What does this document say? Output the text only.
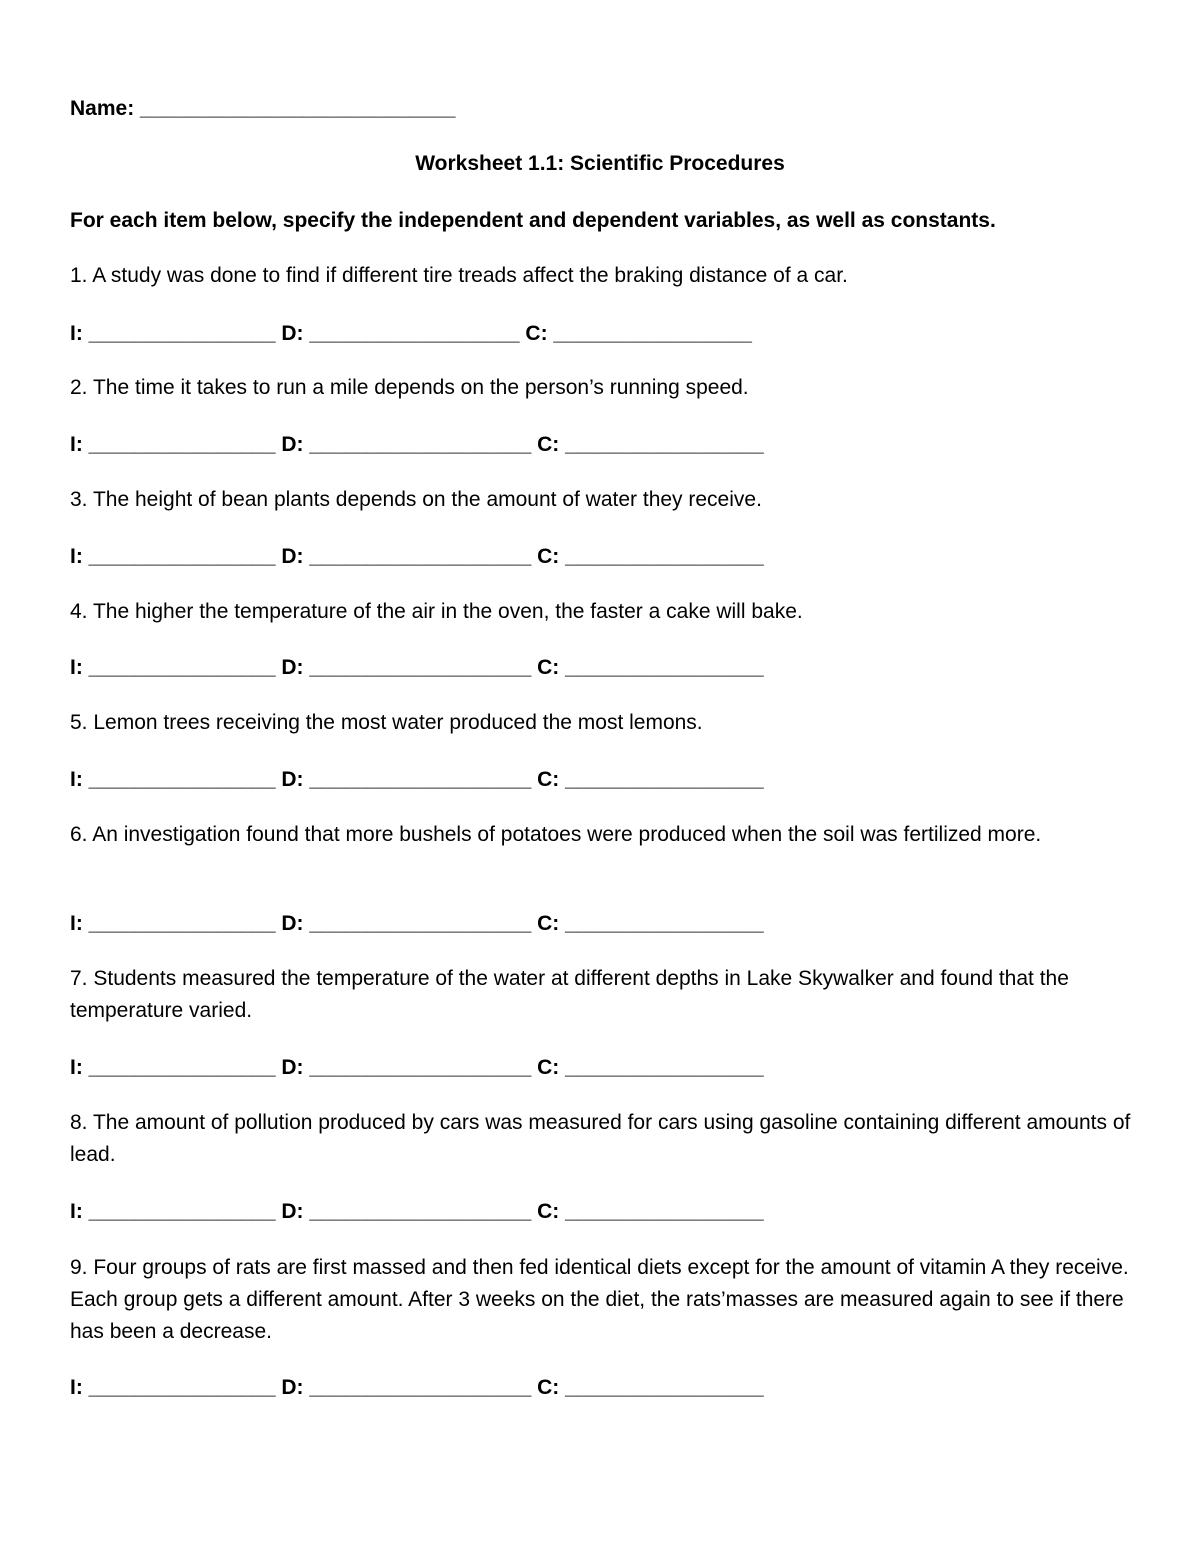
Name: ___________________________
Worksheet 1.1: Scientific Procedures
For each item below, specify the independent and dependent variables, as well as constants.
1. A study was done to find if different tire treads affect the braking distance of a car.
I: ________________ D: __________________ C: _________________
2. The time it takes to run a mile depends on the person’s running speed.
I: ________________ D: ___________________ C: _________________
3. The height of bean plants depends on the amount of water they receive.
I: ________________ D: ___________________ C: _________________
4. The higher the temperature of the air in the oven, the faster a cake will bake.
I: ________________ D: ___________________ C: _________________
5. Lemon trees receiving the most water produced the most lemons.
I: ________________ D: ___________________ C: _________________
6. An investigation found that more bushels of potatoes were produced when the soil was fertilized more.
I: ________________ D: ___________________ C: _________________
7. Students measured the temperature of the water at different depths in Lake Skywalker and found that the temperature varied.
I: ________________ D: ___________________ C: _________________
8. The amount of pollution produced by cars was measured for cars using gasoline containing different amounts of lead.
I: ________________ D: ___________________ C: _________________
9. Four groups of rats are first massed and then fed identical diets except for the amount of vitamin A they receive. Each group gets a different amount. After 3 weeks on the diet, the rats’masses are measured again to see if there has been a decrease.
I: ________________ D: ___________________ C: _________________
